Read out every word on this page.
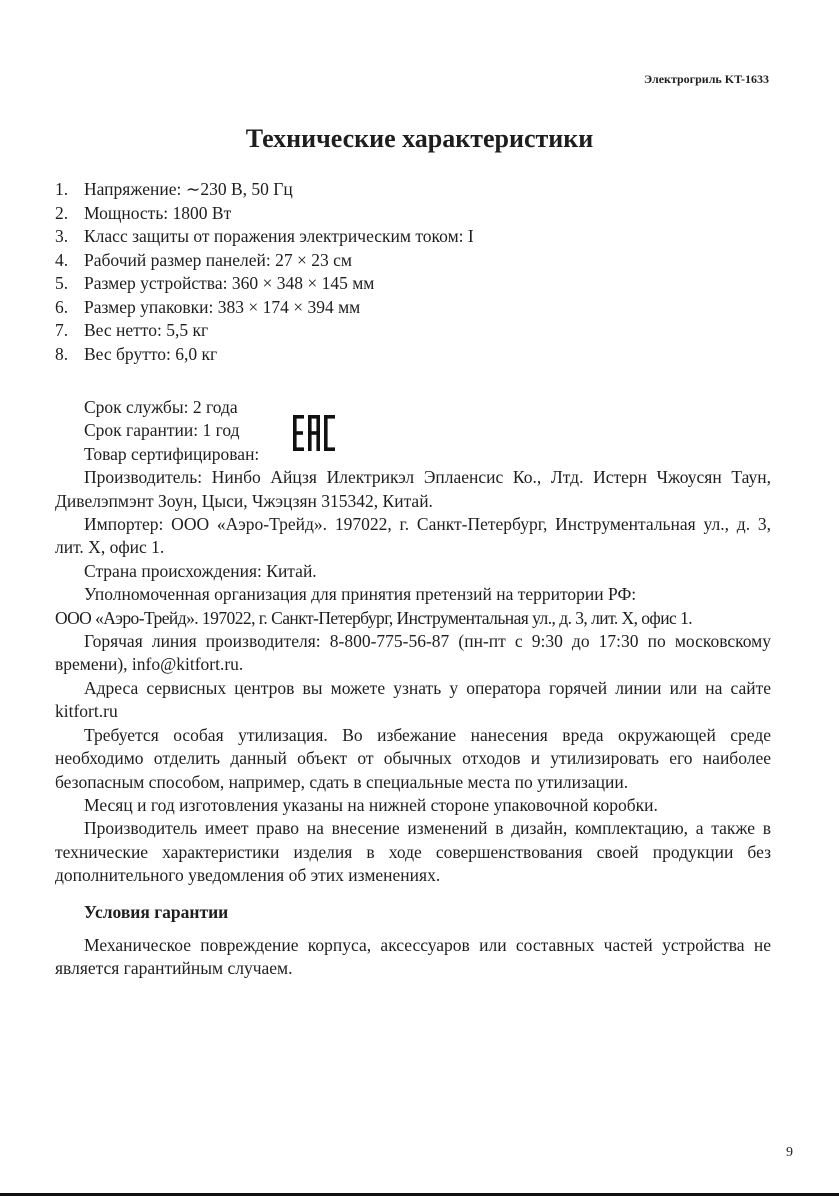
Электрогриль KT-1633
Технические характеристики
1. Напряжение: ∼230 В, 50 Гц
2. Мощность: 1800 Вт
3. Класс защиты от поражения электрическим током: I
4. Рабочий размер панелей: 27 × 23 см
5. Размер устройства: 360 × 348 × 145 мм
6. Размер упаковки: 383 × 174 × 394 мм
7. Вес нетто: 5,5 кг
8. Вес брутто: 6,0 кг

Срок службы: 2 года

Срок гарантии: 1 год

Товар сертифицирован:

Производитель: Нинбо Айцзя Илектрикэл Эплаенсис Ко., Лтд. Истерн Чжоусян Таун, Дивелэпмэнт Зоун, Цыси, Чжэцзян 315342, Китай.

Импортер: ООО «Аэро-Трейд». 197022, г. Санкт-Петербург, Инструментальная ул., д. 3, лит. Х, офис 1.

Страна происхождения: Китай.

Уполномоченная организация для принятия претензий на территории РФ:

ООО «Аэро-Трейд». 197022, г. Санкт-Петербург, Инструментальная ул., д. 3, лит. Х, офис 1.

Горячая линия производителя: 8-800-775-56-87 (пн-пт с 9:30 до 17:30 по московскому времени), info@kitfort.ru.

Адреса сервисных центров вы можете узнать у оператора горячей линии или на сайте kitfort.ru

Требуется особая утилизация. Во избежание нанесения вреда окружающей среде необходимо отделить данный объект от обычных отходов и утилизировать его наиболее безопасным способом, например, сдать в специальные места по утилизации.

Месяц и год изготовления указаны на нижней стороне упаковочной коробки.

Производитель имеет право на внесение изменений в дизайн, комплектацию, а также в технические характеристики изделия в ходе совершенствования своей продукции без дополнительного уведомления об этих изменениях.

Условия гарантии

Механическое повреждение корпуса, аксессуаров или составных частей устройства не является гарантийным случаем.

9
